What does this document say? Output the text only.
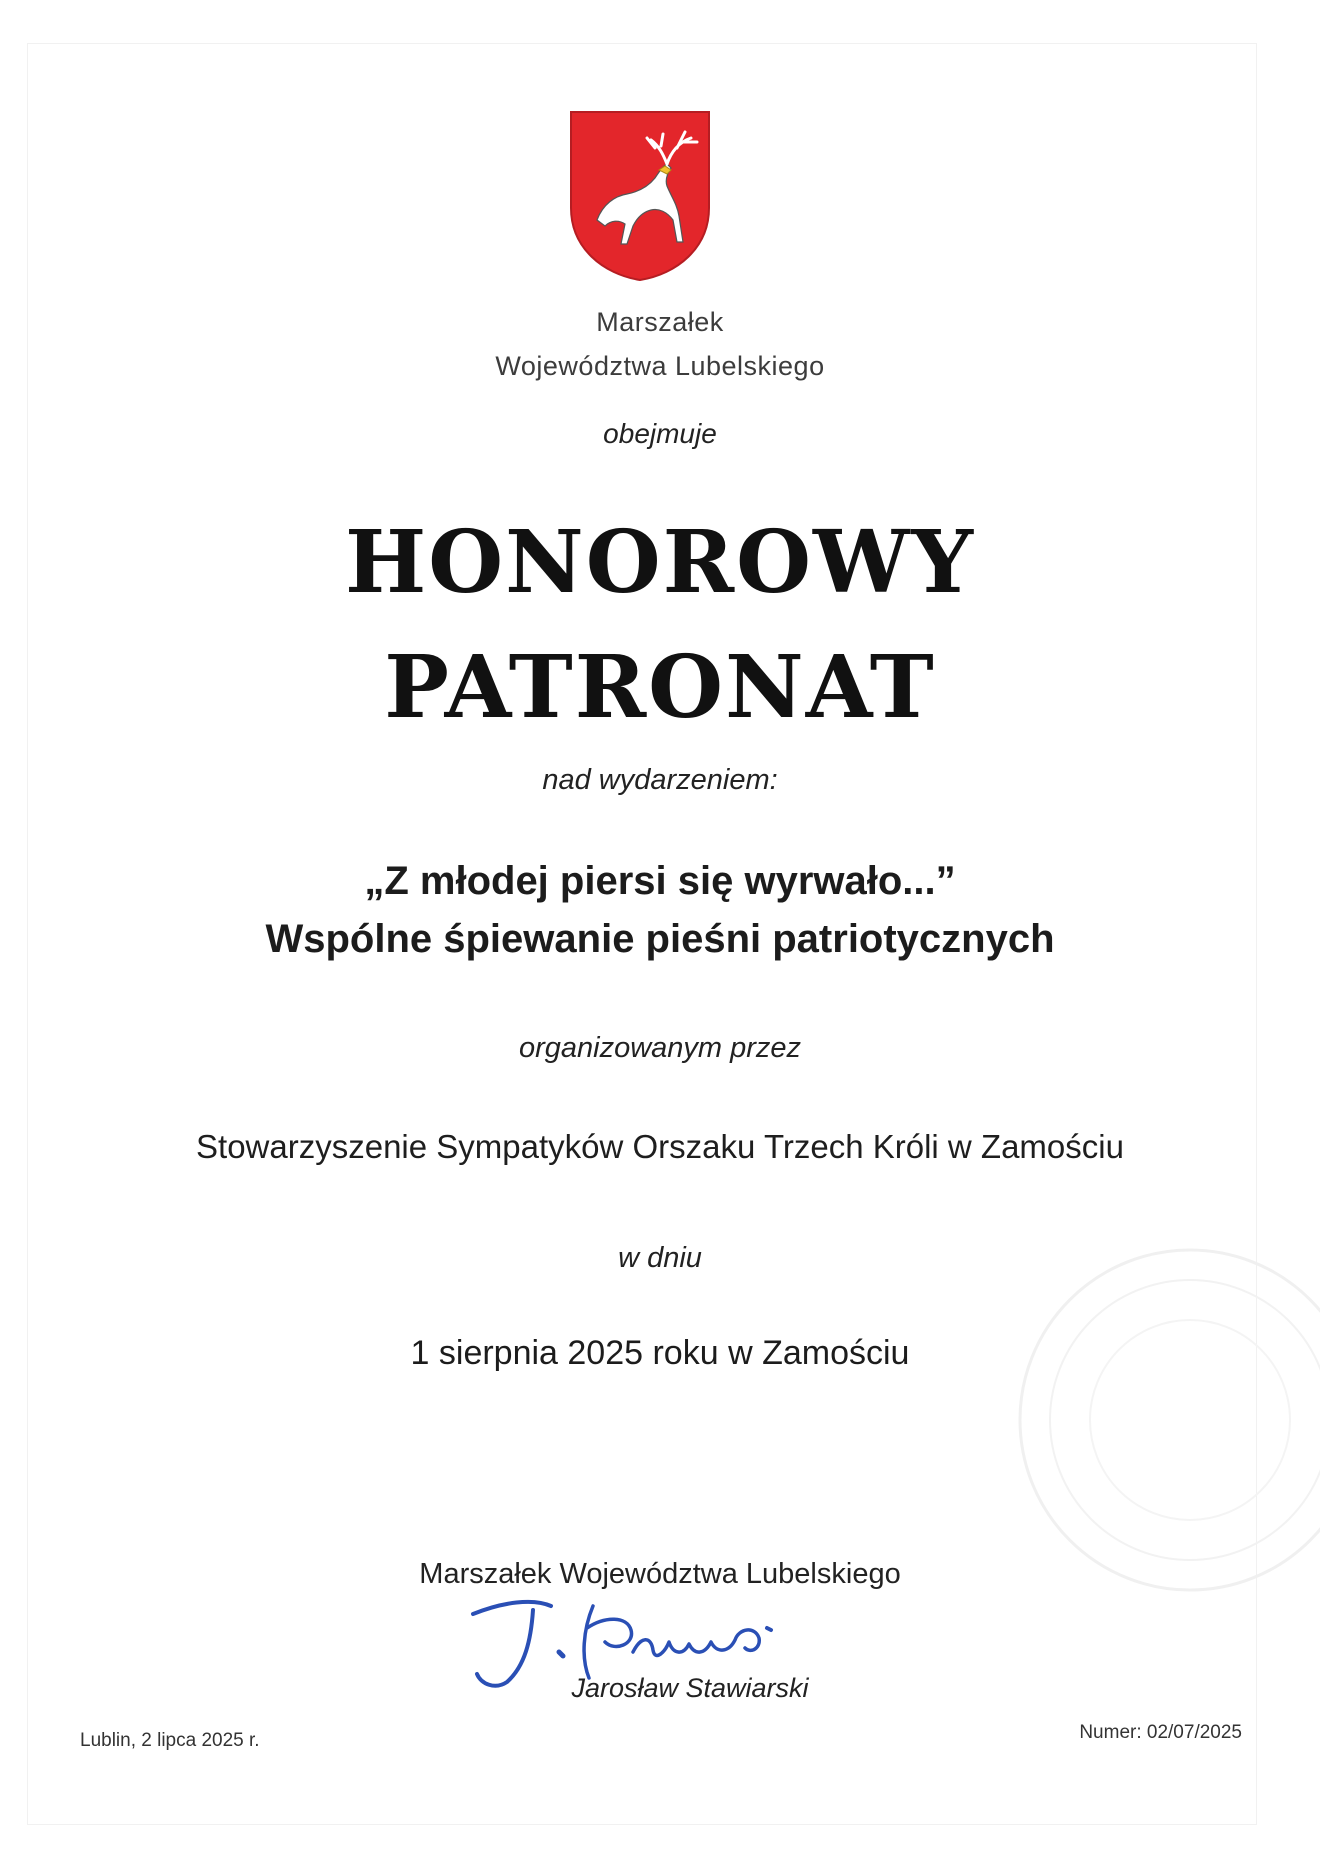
Marszałek
Województwa Lubelskiego
obejmuje
HONOROWY
PATRONAT
nad wydarzeniem:
„Z młodej piersi się wyrwało...”
Wspólne śpiewanie pieśni patriotycznych
organizowanym przez
Stowarzyszenie Sympatyków Orszaku Trzech Króli w Zamościu
w dniu
1 sierpnia 2025 roku w Zamościu
Marszałek Województwa Lubelskiego
Jarosław Stawiarski
Lublin, 2 lipca 2025 r.	Numer: 02/07/2025
